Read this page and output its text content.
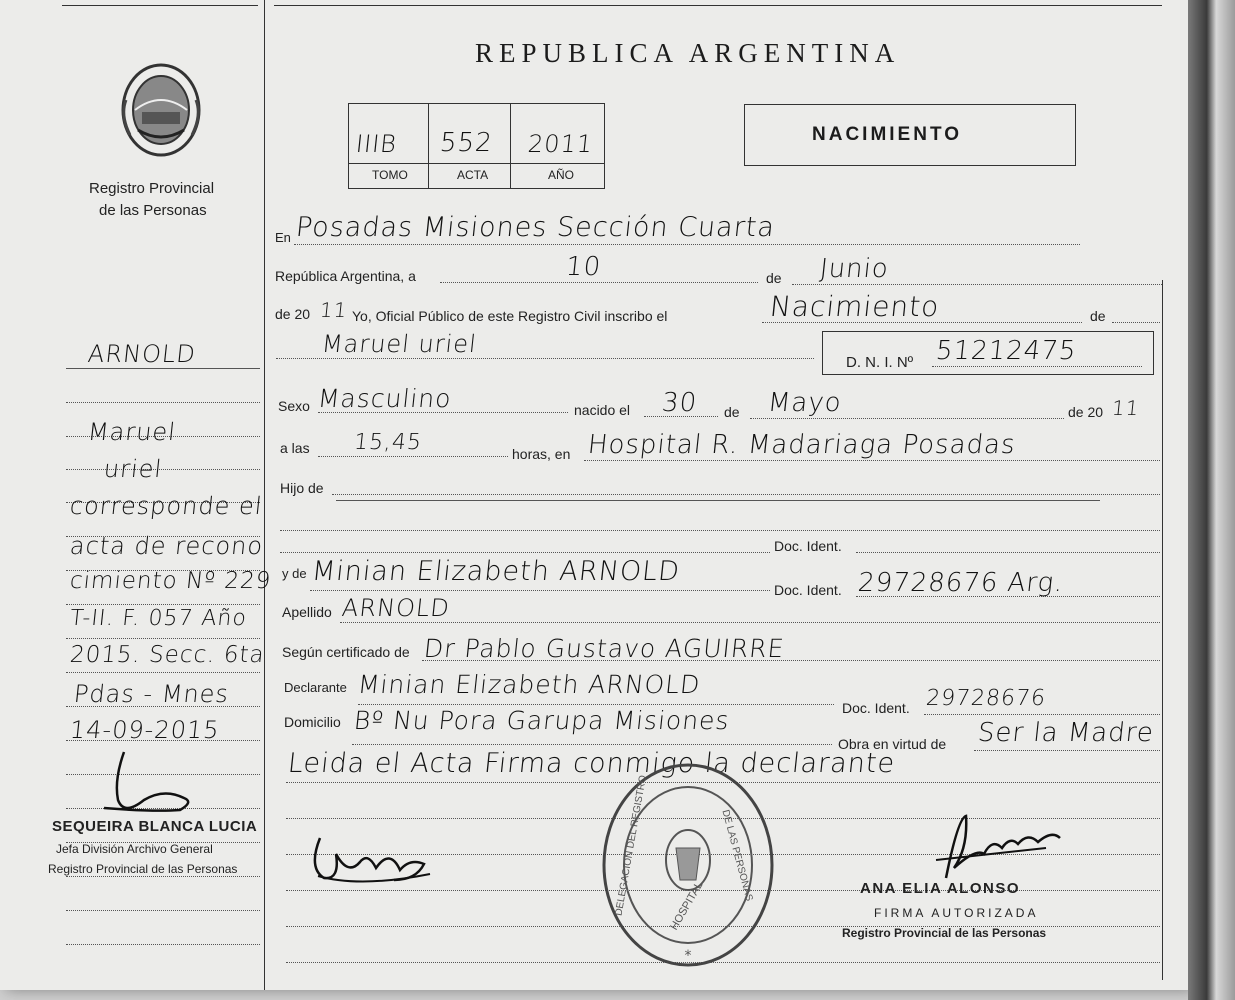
Registro Provincial
de las Personas
ARNOLD
Maruel
uriel
corresponde el
acta de recono
cimiento Nº 229
T-II. F. 057 Año
2015. Secc. 6ta
Pdas - Mnes
14-09-2015
SEQUEIRA BLANCA LUCIA
Jefa División Archivo General
Registro Provincial de las Personas
REPUBLICA ARGENTINA
IIIB 552 2011
TOMO	ACTA	AÑO
NACIMIENTO
En Posadas Misiones Sección Cuarta
República Argentina, a	10	de Junio
de 20 11 Yo, Oficial Público de este Registro Civil inscribo el	Nacimiento	de
Maruel uriel
D. N. I. Nº 51212475
Sexo Masculino	nacido el 30 de Mayo	de 20 11
a las 15,45	horas, en Hospital R. Madariaga Posadas
Hijo de
Doc. Ident.
y de Minian Elizabeth ARNOLD
Doc. Ident. 29728676 Arg.
Apellido ARNOLD
Según certificado de Dr Pablo Gustavo AGUIRRE
Declarante Minian Elizabeth ARNOLD
Doc. Ident. 29728676
Domicilio Bº Nu Pora Garupa Misiones
Obra en virtud de Ser la Madre
Leida el Acta Firma conmigo la declarante
*
DELEGACION DEL REGISTRO	DE LAS PERSONAS
HOSPITAL	ANA ELIA ALONSO
FIRMA AUTORIZADA
Registro Provincial de las Personas
